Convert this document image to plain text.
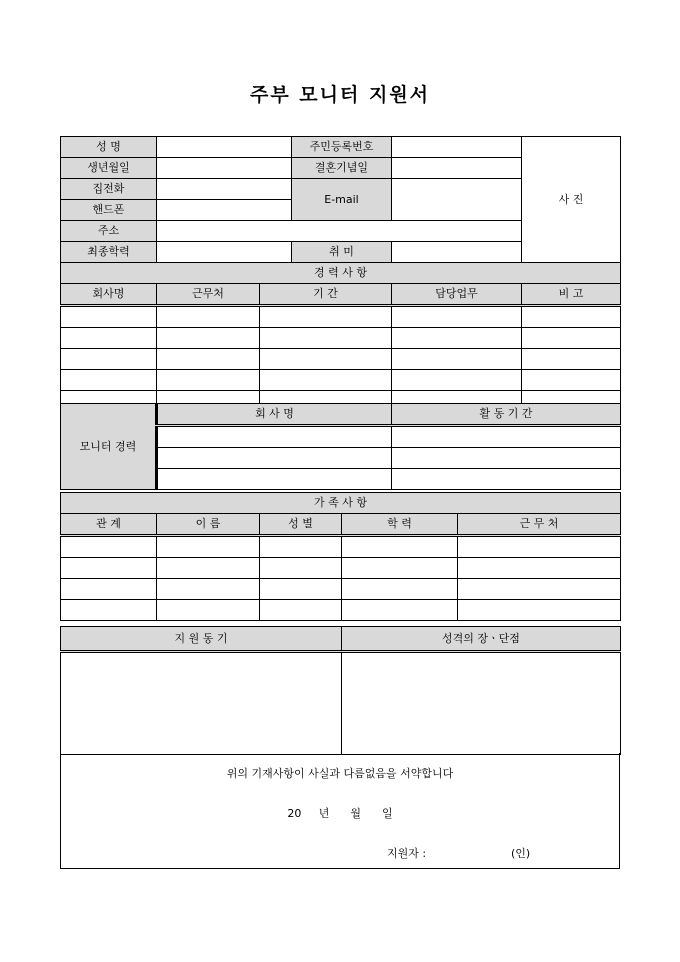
주부 모니터 지원서
성 명		주민등록번호		사 진
생년월일		결혼기념일		
집전화		E-mail		
핸드폰				
주소				
최종학력		취 미		
경 력 사 항				
회사명	근무처	기 간	담당업무	비 고

모니터 경력	회 사 명	활 동 기 간

가 족 사 항				
관 계	이 름	성 별	학 력	근 무 처

지 원 동 기	성격의 장ㆍ단점

위의 기재사항이 사실과 다름없음을 서약합니다
20     년      월      일
지원자 :	(인)
